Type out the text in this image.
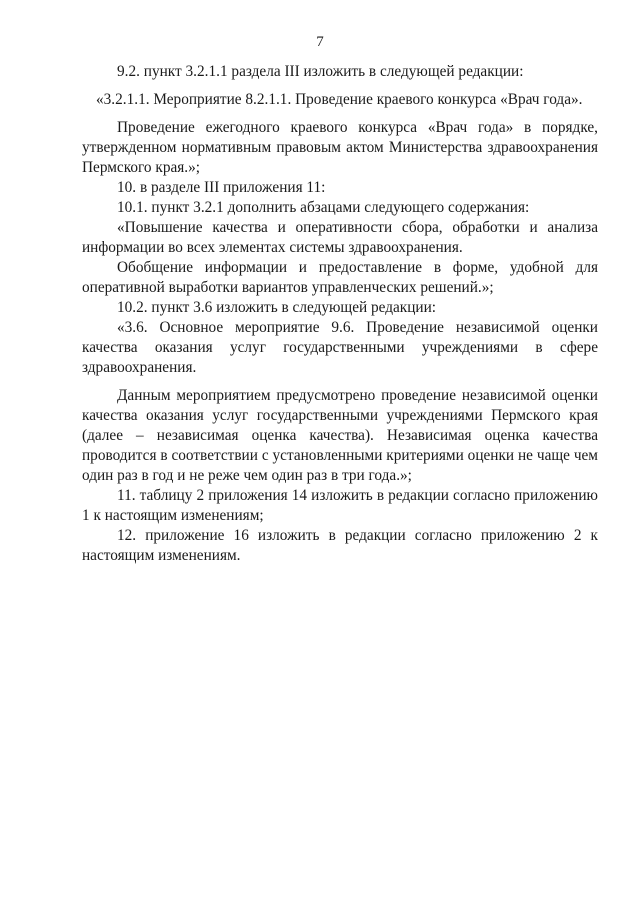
7

9.2. пункт 3.2.1.1 раздела III изложить в следующей редакции:

«3.2.1.1. Мероприятие 8.2.1.1. Проведение краевого конкурса «Врач года».

Проведение ежегодного краевого конкурса «Врач года» в порядке, утвержденном нормативным правовым актом Министерства здравоохранения Пермского края.»;

10. в разделе III приложения 11:

10.1. пункт 3.2.1 дополнить абзацами следующего содержания:

«Повышение качества и оперативности сбора, обработки и анализа информации во всех элементах системы здравоохранения.

Обобщение информации и предоставление в форме, удобной для оперативной выработки вариантов управленческих решений.»;

10.2. пункт 3.6 изложить в следующей редакции:

«3.6. Основное мероприятие 9.6. Проведение независимой оценки качества оказания услуг государственными учреждениями в сфере здравоохранения.

Данным мероприятием предусмотрено проведение независимой оценки качества оказания услуг государственными учреждениями Пермского края (далее – независимая оценка качества). Независимая оценка качества проводится в соответствии с установленными критериями оценки не чаще чем один раз в год и не реже чем один раз в три года.»;

11. таблицу 2 приложения 14 изложить в редакции согласно приложению 1 к настоящим изменениям;

12. приложение 16 изложить в редакции согласно приложению 2 к настоящим изменениям.
